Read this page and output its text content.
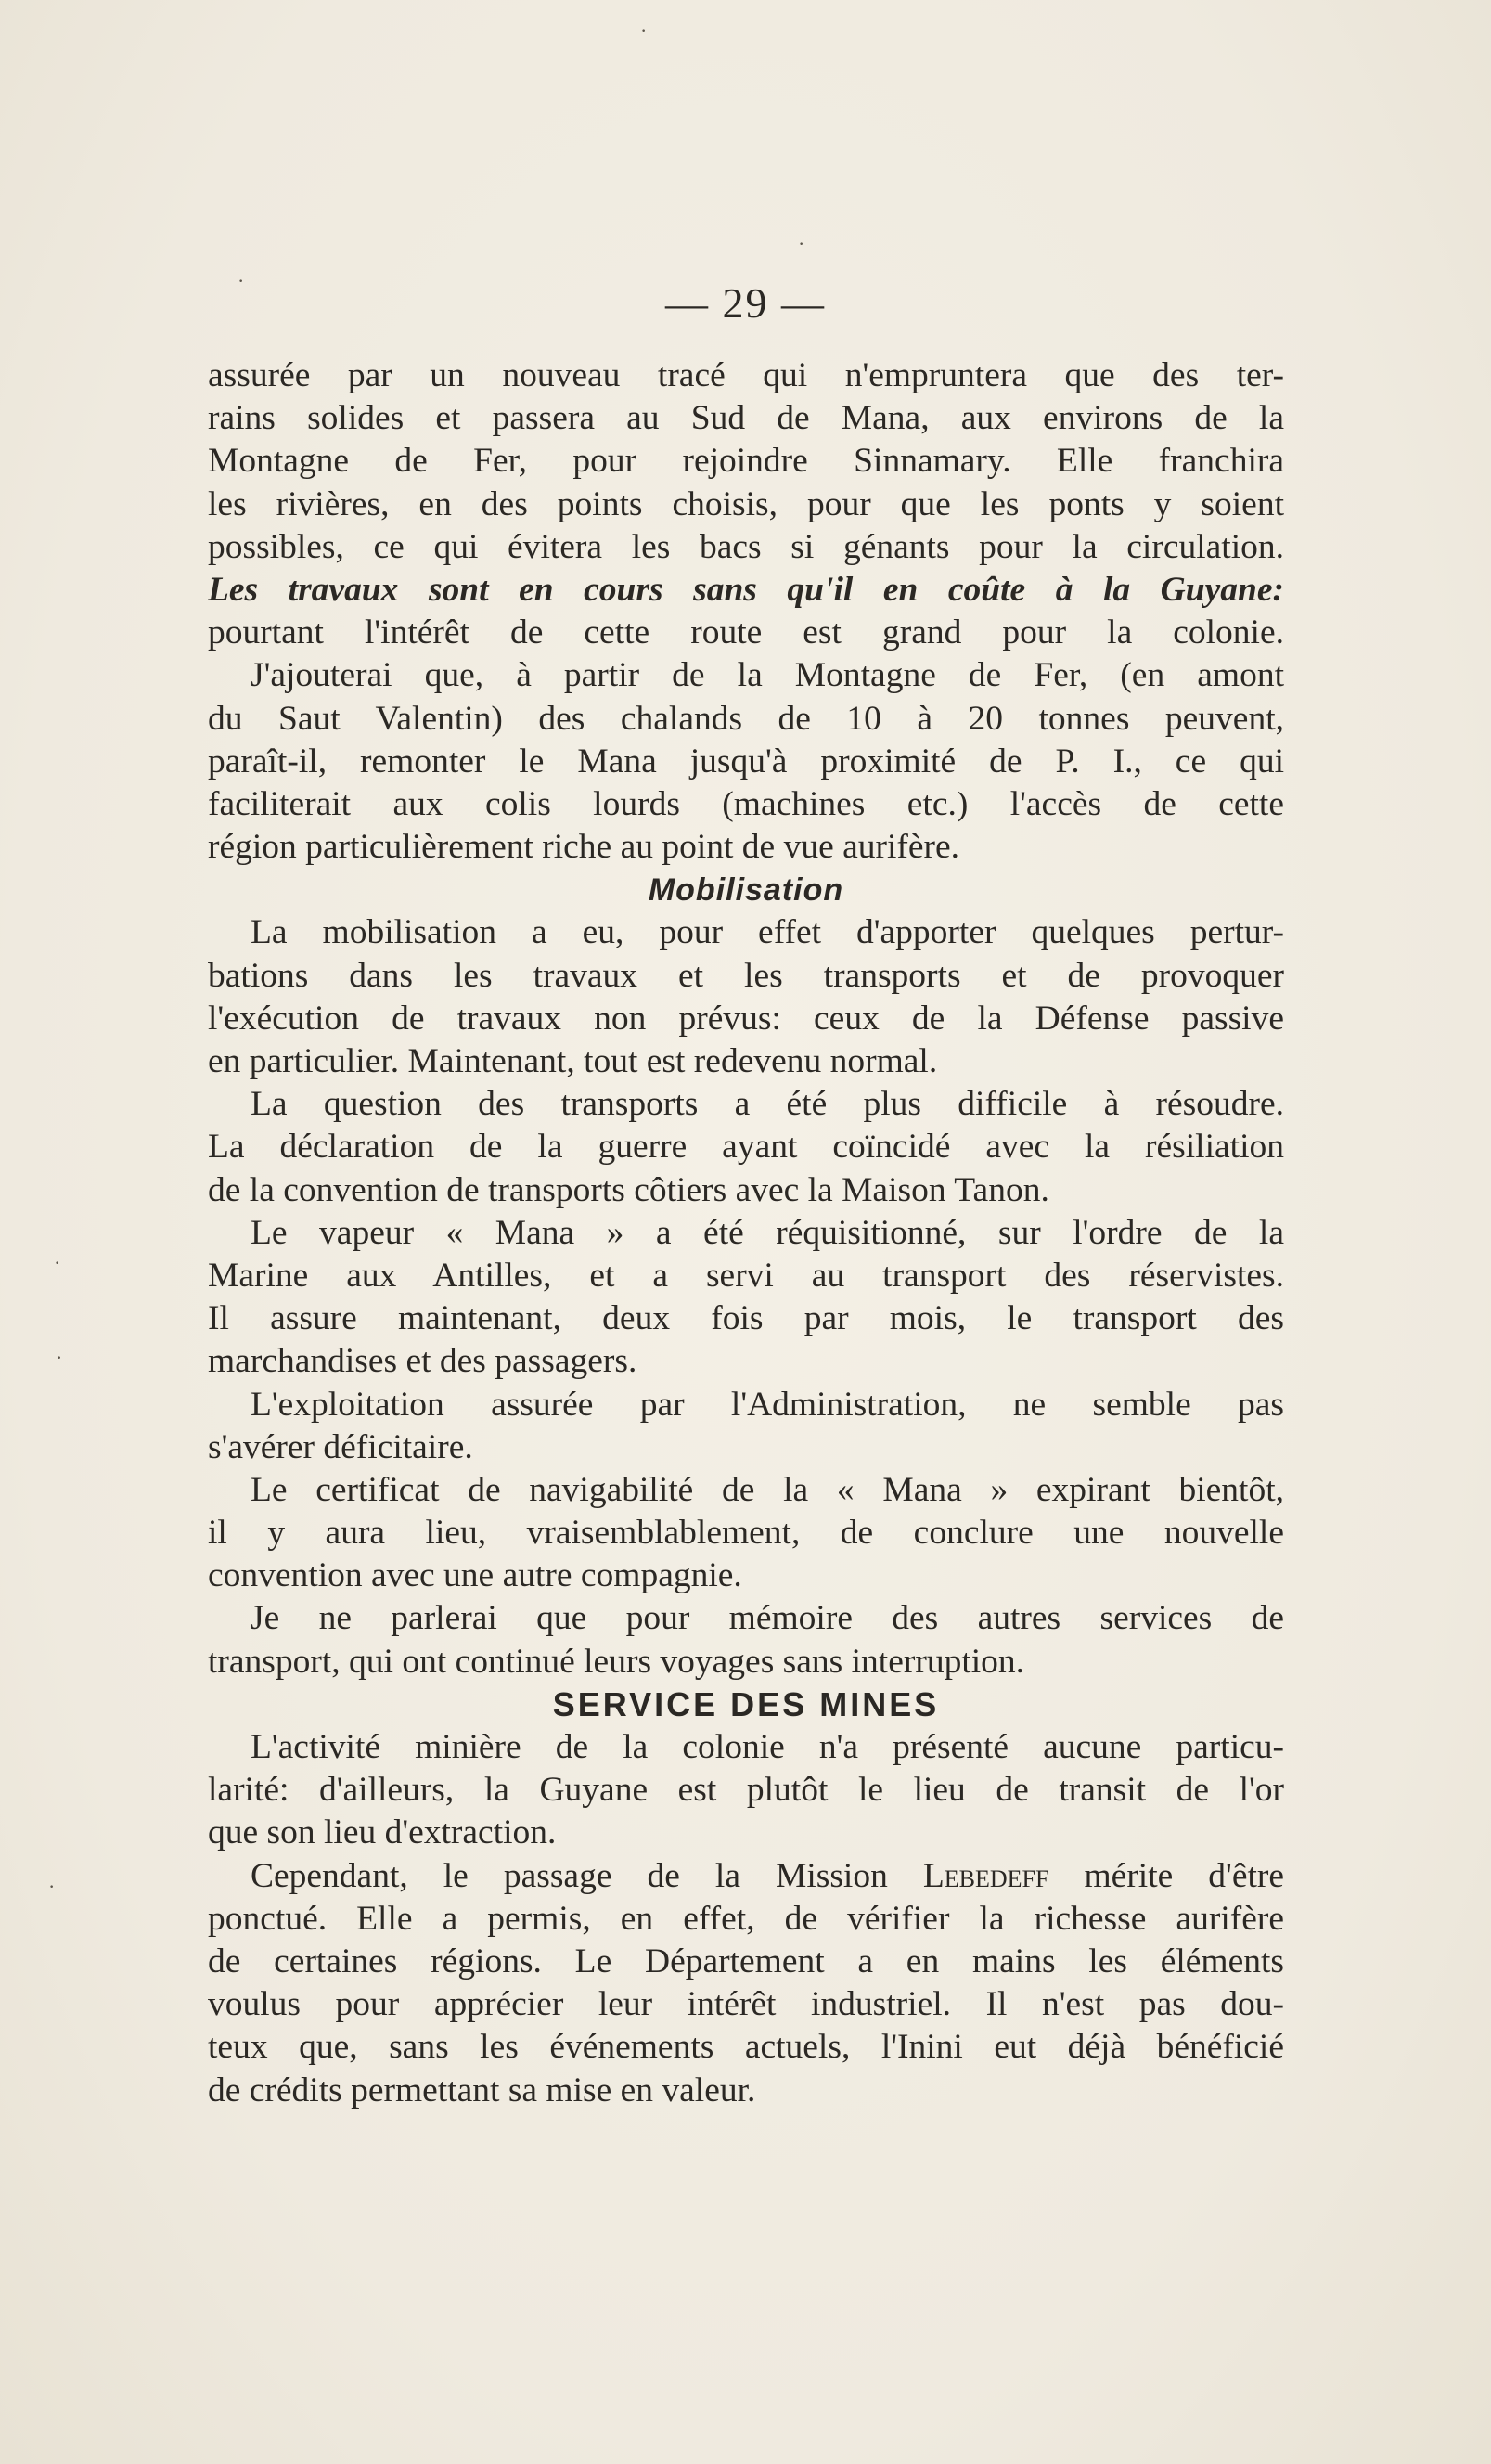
— 29 —
assurée par un nouveau tracé qui n'empruntera que des ter-
rains solides et passera au Sud de Mana, aux environs de la
Montagne de Fer, pour rejoindre Sinnamary. Elle franchira
les rivières, en des points choisis, pour que les ponts y soient
possibles, ce qui évitera les bacs si génants pour la circulation.
Les travaux sont en cours sans qu'il en coûte à la Guyane:
pourtant l'intérêt de cette route est grand pour la colonie.
J'ajouterai que, à partir de la Montagne de Fer, (en amont
du Saut Valentin) des chalands de 10 à 20 tonnes peuvent,
paraît-il, remonter le Mana jusqu'à proximité de P. I., ce qui
faciliterait aux colis lourds (machines etc.) l'accès de cette
région particulièrement riche au point de vue aurifère.
Mobilisation
La mobilisation a eu, pour effet d'apporter quelques pertur-
bations dans les travaux et les transports et de provoquer
l'exécution de travaux non prévus: ceux de la Défense passive
en particulier. Maintenant, tout est redevenu normal.
La question des transports a été plus difficile à résoudre.
La déclaration de la guerre ayant coïncidé avec la résiliation
de la convention de transports côtiers avec la Maison Tanon.
Le vapeur « Mana » a été réquisitionné, sur l'ordre de la
Marine aux Antilles, et a servi au transport des réservistes.
Il assure maintenant, deux fois par mois, le transport des
marchandises et des passagers.
L'exploitation assurée par l'Administration, ne semble pas
s'avérer déficitaire.
Le certificat de navigabilité de la « Mana » expirant bientôt,
il y aura lieu, vraisemblablement, de conclure une nouvelle
convention avec une autre compagnie.
Je ne parlerai que pour mémoire des autres services de
transport, qui ont continué leurs voyages sans interruption.
SERVICE DES MINES
L'activité minière de la colonie n'a présenté aucune particu-
larité: d'ailleurs, la Guyane est plutôt le lieu de transit de l'or
que son lieu d'extraction.
Cependant, le passage de la Mission Lebedeff mérite d'être
ponctué. Elle a permis, en effet, de vérifier la richesse aurifère
de certaines régions. Le Département a en mains les éléments
voulus pour apprécier leur intérêt industriel. Il n'est pas dou-
teux que, sans les événements actuels, l'Inini eut déjà bénéficié
de crédits permettant sa mise en valeur.
·
·
·
·
·
·
